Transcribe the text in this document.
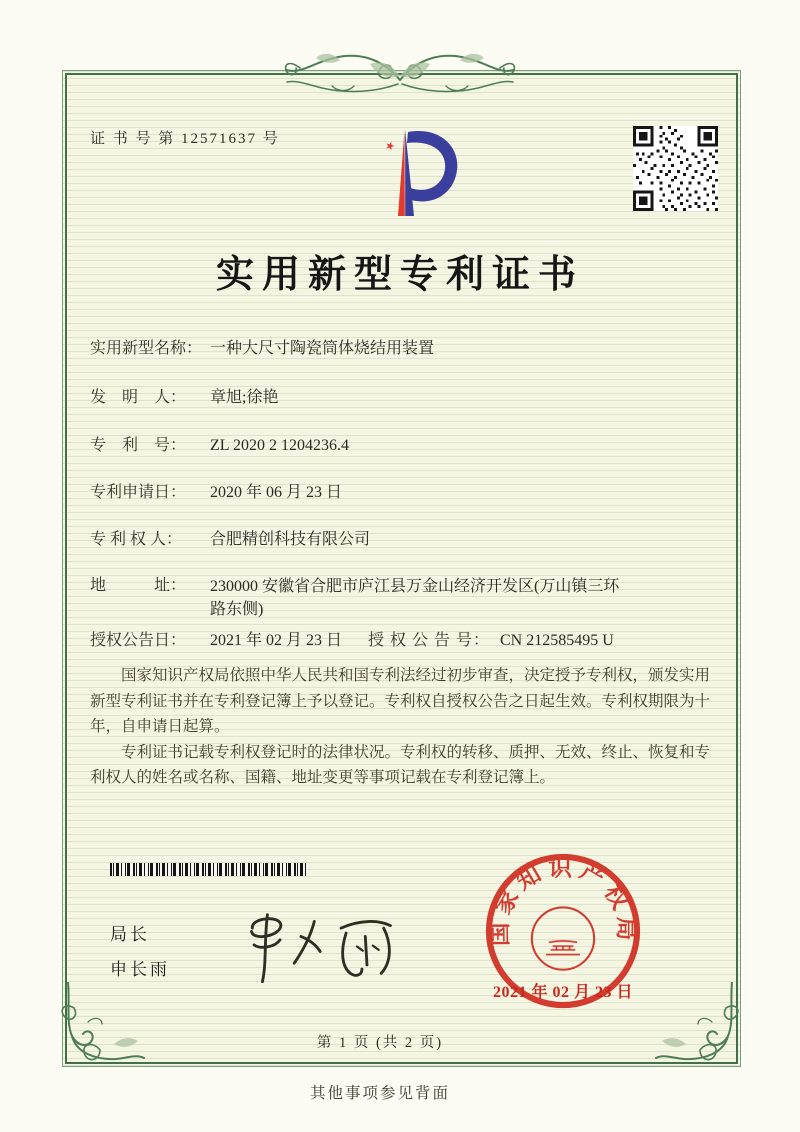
证 书 号 第 12571637 号
实用新型专利证书
实用新型名称： 一种大尺寸陶瓷筒体烧结用装置
发　明　人：	章旭;徐艳
专　利　号：	ZL 2020 2 1204236.4
专利申请日：	2020 年 06 月 23 日
专 利 权 人：	合肥精创科技有限公司
地　　　址：	230000 安徽省合肥市庐江县万金山经济开发区(万山镇三环路东侧)
授权公告日：	2021 年 02 月 23 日	授 权 公 告 号： CN 212585495 U

国家知识产权局依照中华人民共和国专利法经过初步审查，决定授予专利权，颁发实用新型专利证书并在专利登记簿上予以登记。专利权自授权公告之日起生效。专利权期限为十年，自申请日起算。

专利证书记载专利权登记时的法律状况。专利权的转移、质押、无效、终止、恢复和专利权人的姓名或名称、国籍、地址变更等事项记载在专利登记簿上。

局长
申长雨
国家知识产权局
2021 年 02 月 23 日
第 1 页 (共 2 页)
其他事项参见背面
